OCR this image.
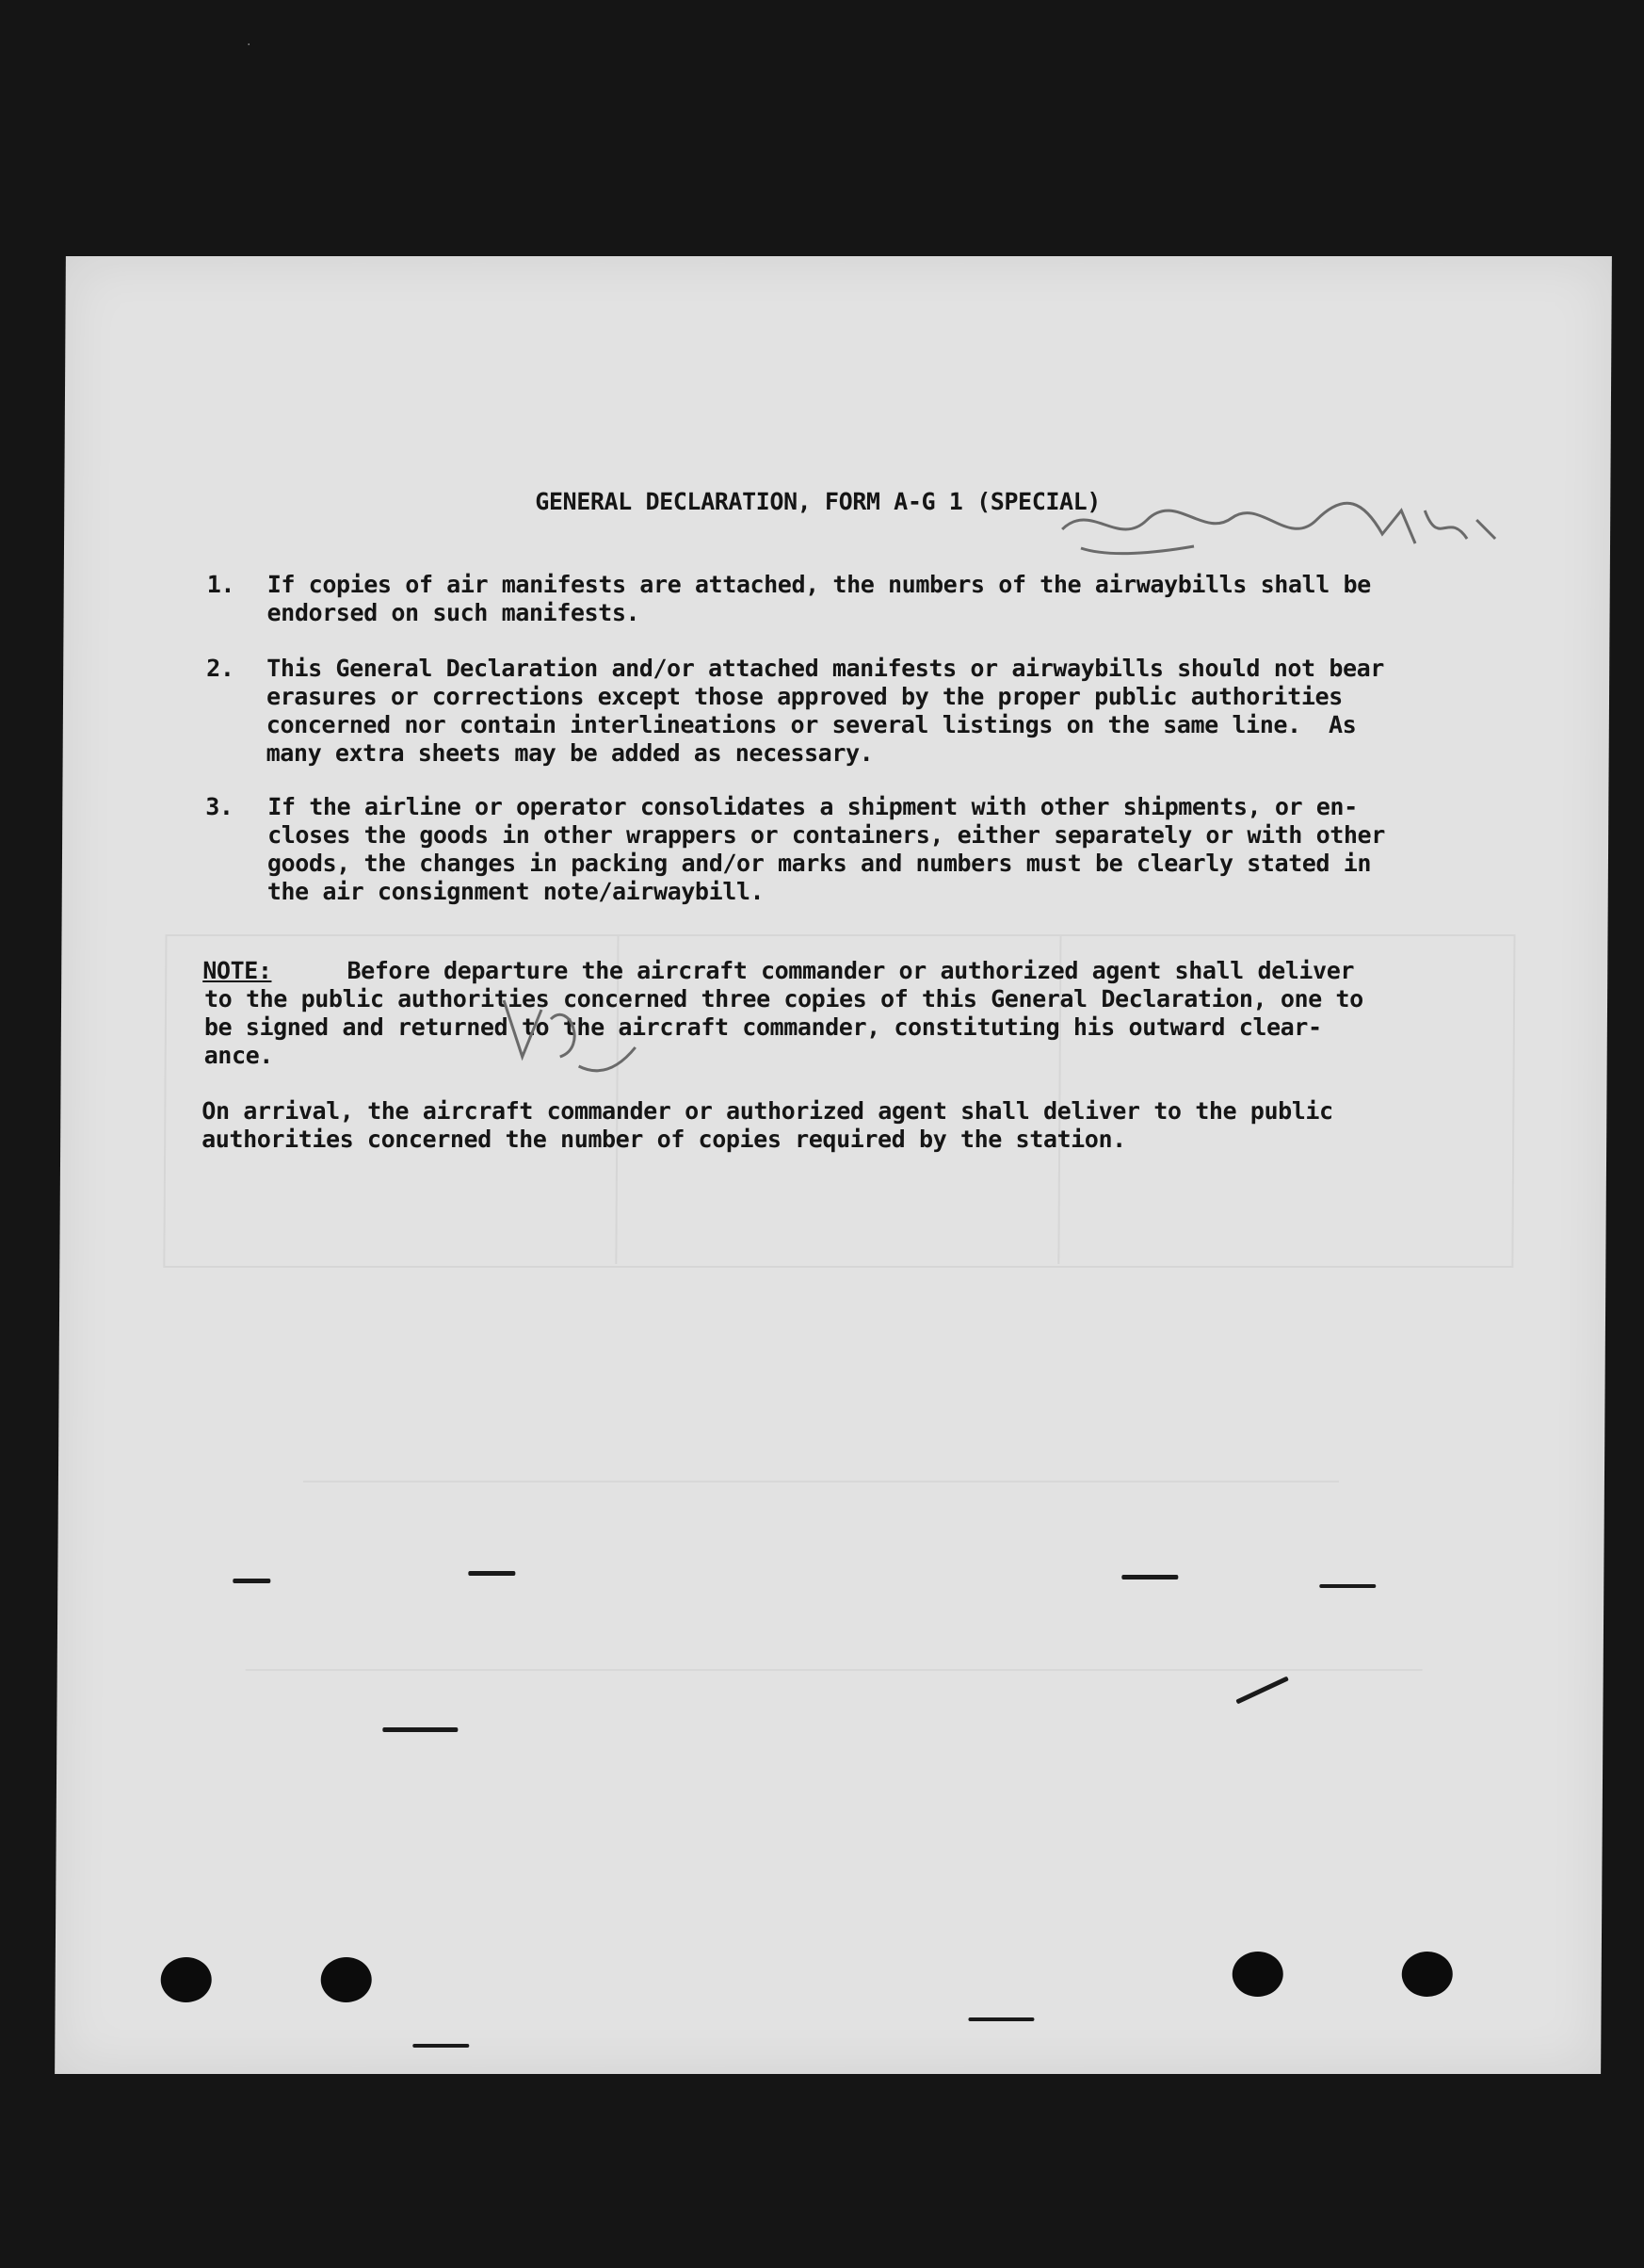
·
GENERAL DECLARATION, FORM A-G 1 (SPECIAL)
1. If copies of air manifests are attached, the numbers of the airwaybills shall be
endorsed on such manifests.
2. This General Declaration and/or attached manifests or airwaybills should not bear
erasures or corrections except those approved by the proper public authorities
concerned nor contain interlineations or several listings on the same line.  As
many extra sheets may be added as necessary.
3. If the airline or operator consolidates a shipment with other shipments, or en-
closes the goods in other wrappers or containers, either separately or with other
goods, the changes in packing and/or marks and numbers must be clearly stated in
the air consignment note/airwaybill.
NOTE: Before departure the aircraft commander or authorized agent shall deliver
to the public authorities concerned three copies of this General Declaration, one to
be signed and returned to the aircraft commander, constituting his outward clear-
ance.
On arrival, the aircraft commander or authorized agent shall deliver to the public
authorities concerned the number of copies required by the station.
